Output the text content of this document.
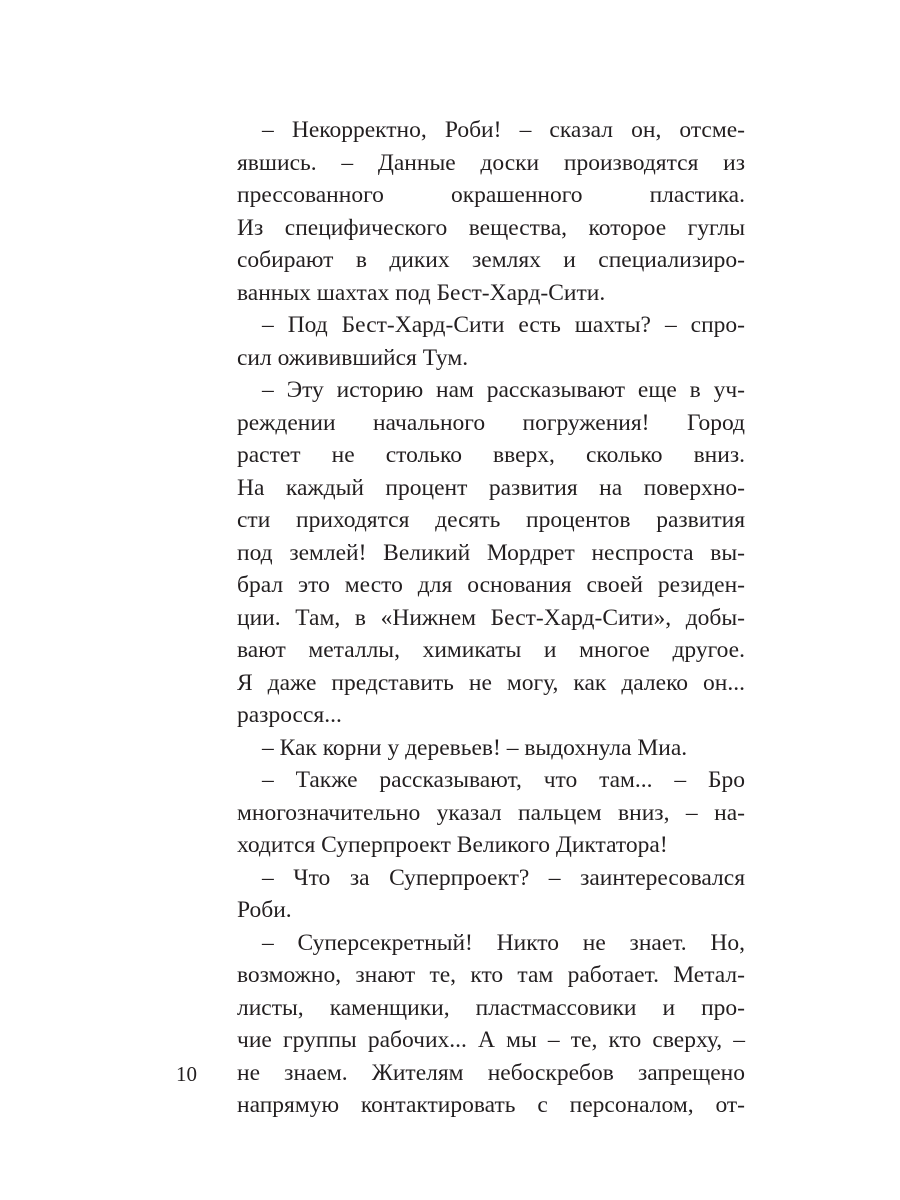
– Некорректно, Роби! – сказал он, отсме-
явшись. – Данные доски производятся из
прессованного окрашенного пластика.
Из специфического вещества, которое гуглы
собирают в диких землях и специализиро-
ванных шахтах под Бест-Хард-Сити.
– Под Бест-Хард-Сити есть шахты? – спро-
сил оживившийся Тум.
– Эту историю нам рассказывают еще в уч-
реждении начального погружения! Город
растет не столько вверх, сколько вниз.
На каждый процент развития на поверхно-
сти приходятся десять процентов развития
под землей! Великий Мордрет неспроста вы-
брал это место для основания своей резиден-
ции. Там, в «Нижнем Бест-Хард-Сити», добы-
вают металлы, химикаты и многое другое.
Я даже представить не могу, как далеко он...
разросся...
– Как корни у деревьев! – выдохнула Миа.
– Также рассказывают, что там... – Бро
многозначительно указал пальцем вниз, – на-
ходится Суперпроект Великого Диктатора!
– Что за Суперпроект? – заинтересовался
Роби.
– Суперсекретный! Никто не знает. Но,
возможно, знают те, кто там работает. Метал-
листы, каменщики, пластмассовики и про-
чие группы рабочих... А мы – те, кто сверху, –
не знаем. Жителям небоскребов запрещено
напрямую контактировать с персоналом, от-
10
